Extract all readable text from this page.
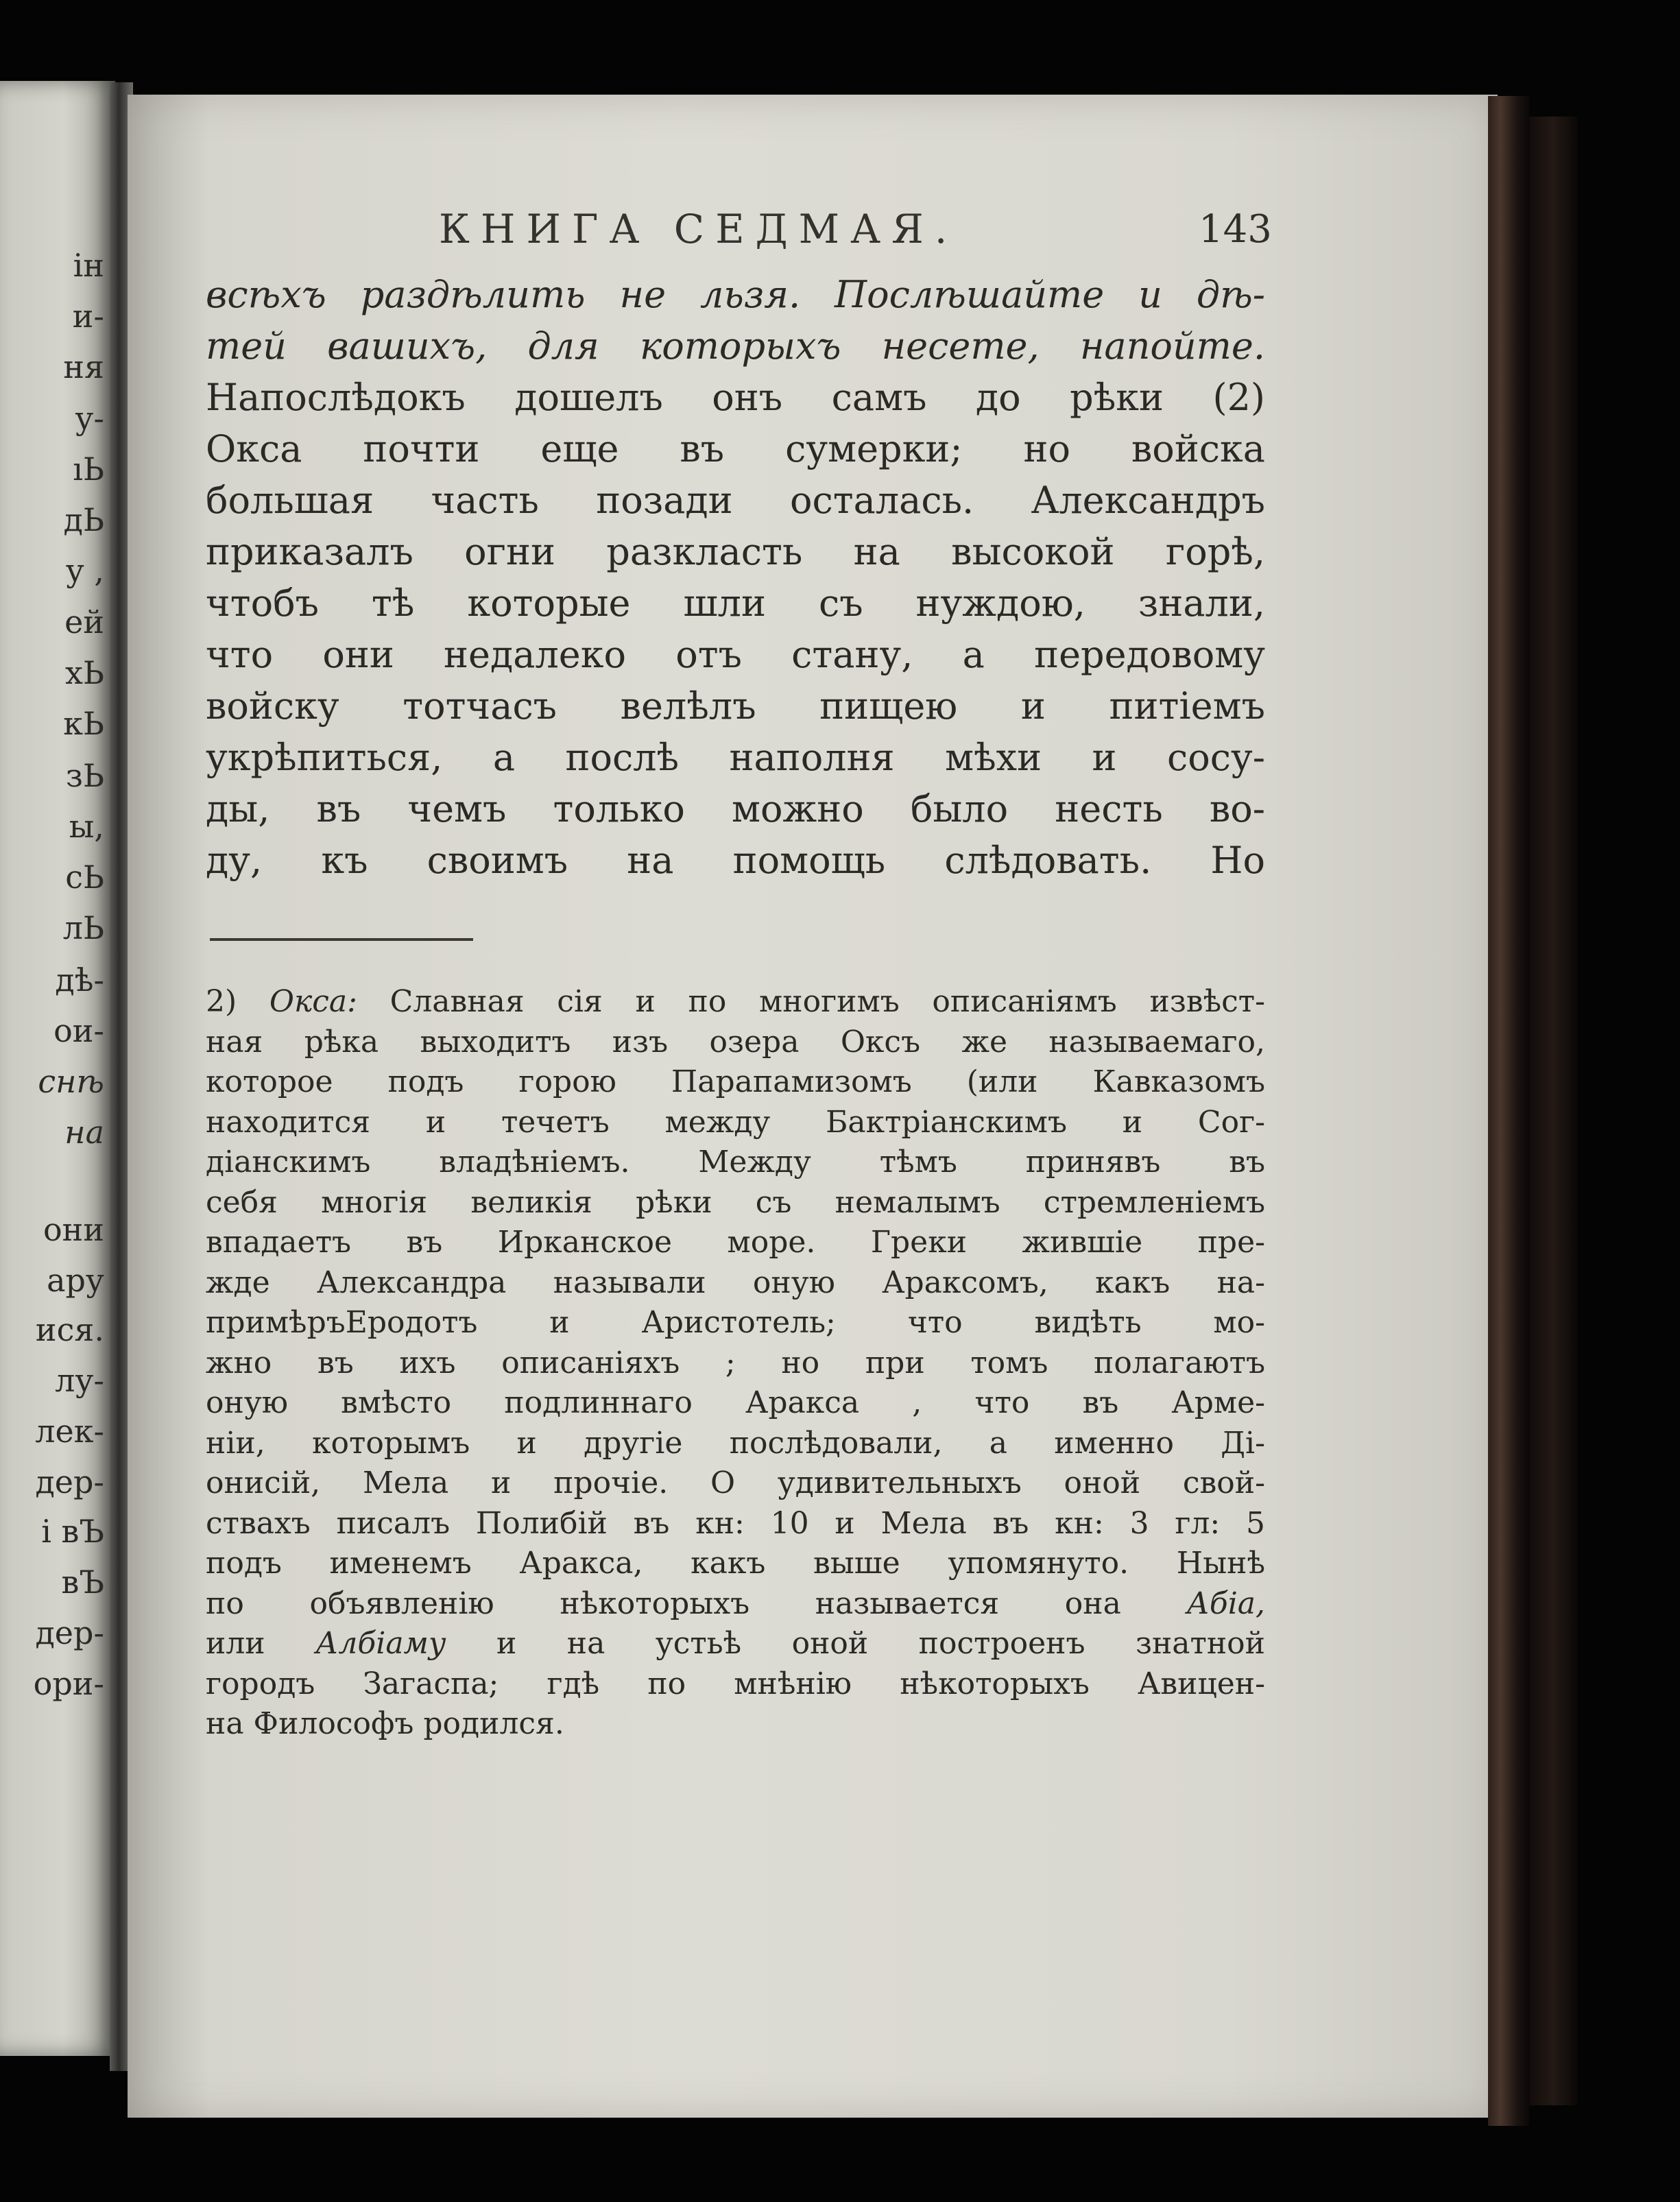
ін
и-
ня
у-
ıЬ
дЬ
у ,
ей
хЬ
кЬ
зЬ
ы,
сЬ
лЬ
дѣ-
ои-
снѣ
на
они
ару
ися.
лу-
лек-
дер-
і вЪ
вЪ
дер-
ори-
КНИГА СЕДМАЯ.	143
всѣхъ раздѣлить не льзя. Послѣшайте и дѣ-
тей вашихъ, для которыхъ несете, напойте.
Напослѣдокъ дошелъ онъ самъ до рѣки (2)
Окса почти еще въ сумерки; но войска
большая часть позади осталась. Александръ
приказалъ огни разкласть на высокой горѣ,
чтобъ тѣ которые шли съ нуждою, знали,
что они недалеко отъ стану, а передовому
войску тотчасъ велѣлъ пищею и питіемъ
укрѣпиться, а послѣ наполня мѣхи и сосу-
ды, въ чемъ только можно было несть во-
ду, къ своимъ на помощь слѣдовать. Но
2) Окса: Славная сія и по многимъ описаніямъ извѣст-
ная рѣка выходитъ изъ озера Оксъ же называемаго,
которое подъ горою Парапамизомъ (или Кавказомъ
находится и течетъ между Бактріанскимъ и Сог-
діанскимъ владѣніемъ. Между тѣмъ принявъ въ
себя многія великія рѣки съ немалымъ стремленіемъ
впадаетъ въ Ирканское море. Греки жившіе пре-
жде Александра называли оную Араксомъ, какъ на-
примѣръЕродотъ и Аристотель; что видѣть мо-
жно въ ихъ описаніяхъ ; но при томъ полагаютъ
оную вмѣсто подлиннаго Аракса , что въ Арме-
ніи, которымъ и другіе послѣдовали, а именно Ді-
онисій, Мела и прочіе. О удивительныхъ оной свой-
ствахъ писалъ Полибій въ кн: 10 и Мела въ кн: 3 гл: 5
подъ именемъ Аракса, какъ выше упомянуто. Нынѣ
по объявленію нѣкоторыхъ называется она Абіа,
или Албіаму и на устьѣ оной построенъ знатной
городъ Загаспа; гдѣ по мнѣнію нѣкоторыхъ Авицен-
на Философъ родился.
